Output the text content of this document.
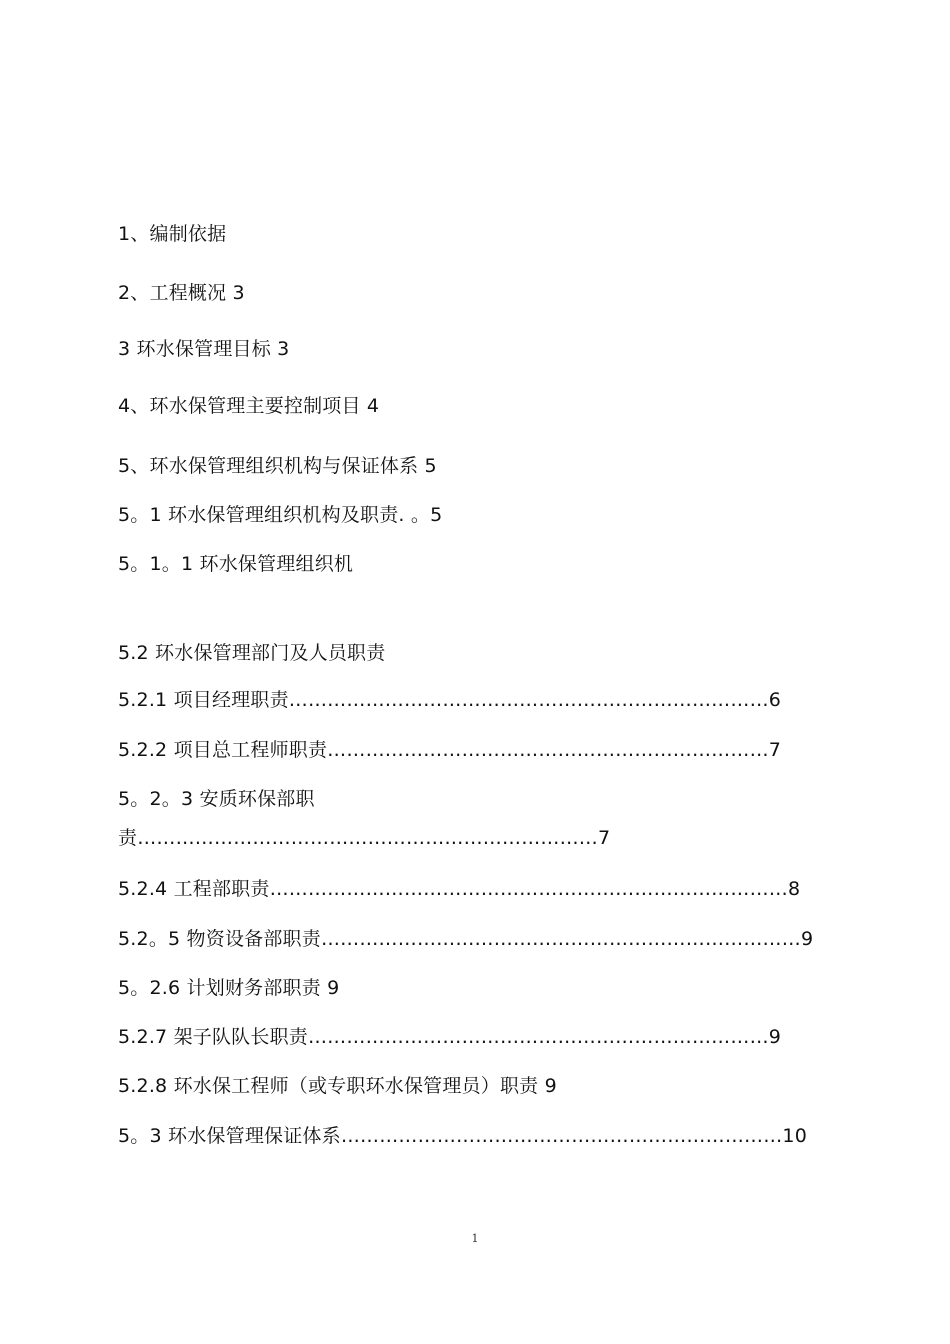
1、编制依据
2、工程概况 3
3 环水保管理目标 3
4、环水保管理主要控制项目 4
5、环水保管理组织机构与保证体系 5
5。1 环水保管理组织机构及职责. 。5
5。1。1 环水保管理组织机
5.2 环水保管理部门及人员职责
5.2.1 项目经理职责…………………………………………………………………6
5.2.2 项目总工程师职责……………………………………………………………7
5。2。3 安质环保部职
责………………………………………………………………7
5.2.4 工程部职责………………………………………………………………………8
5.2。5 物资设备部职责…………………………………………………………………9
5。2.6 计划财务部职责 9
5.2.7 架子队队长职责………………………………………………………………9
5.2.8 环水保工程师（或专职环水保管理员）职责 9
5。3 环水保管理保证体系……………………………………………………………10
1
